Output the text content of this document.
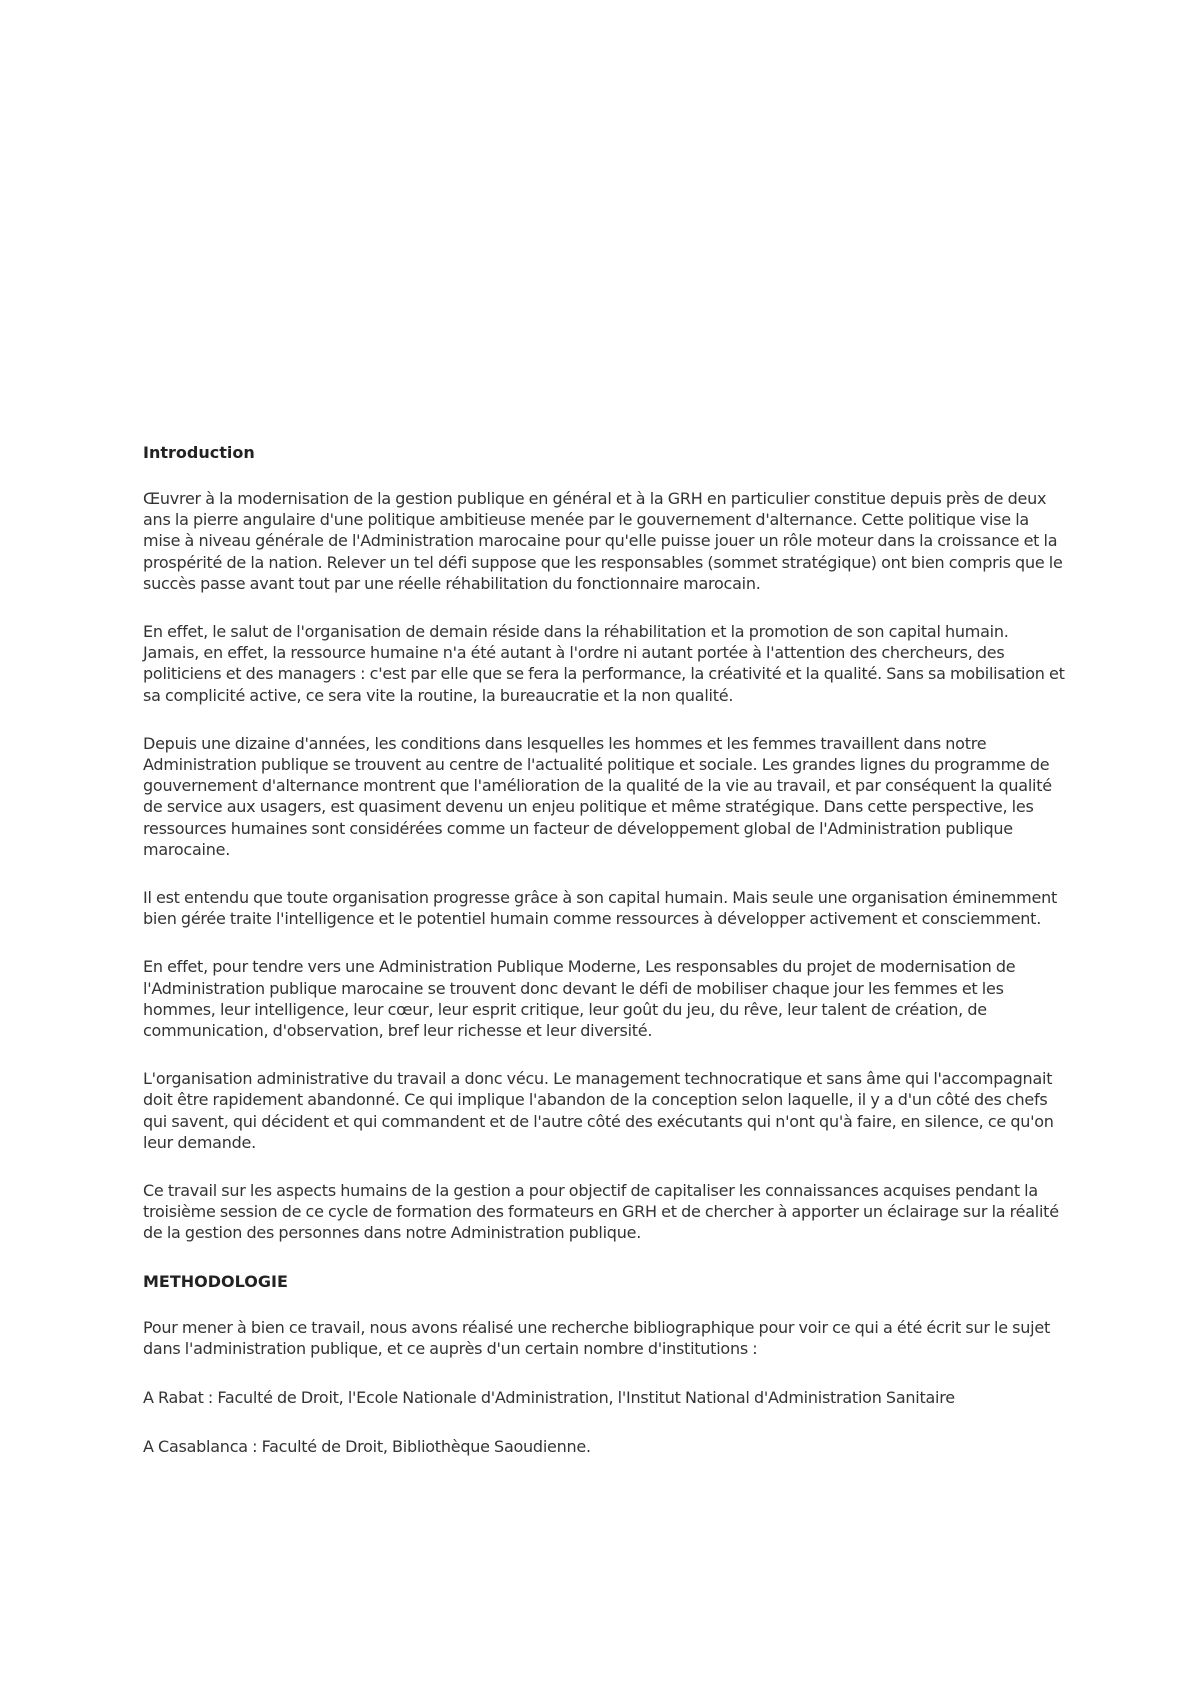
Introduction

Œuvrer à la modernisation de la gestion publique en général et à la GRH en particulier constitue depuis près de deux ans la pierre angulaire d'une politique ambitieuse menée par le gouvernement d'alternance. Cette politique vise la mise à niveau générale de l'Administration marocaine pour qu'elle puisse jouer un rôle moteur dans la croissance et la prospérité de la nation. Relever un tel défi suppose que les responsables (sommet stratégique) ont bien compris que le succès passe avant tout par une réelle réhabilitation du fonctionnaire marocain.

En effet, le salut de l'organisation de demain réside dans la réhabilitation et la promotion de son capital humain. Jamais, en effet, la ressource humaine n'a été autant à l'ordre ni autant portée à l'attention des chercheurs, des politiciens et des managers : c'est par elle que se fera la performance, la créativité et la qualité. Sans sa mobilisation et sa complicité active, ce sera vite la routine, la bureaucratie et la non qualité.

Depuis une dizaine d'années, les conditions dans lesquelles les hommes et les femmes travaillent dans notre Administration publique se trouvent au centre de l'actualité politique et sociale. Les grandes lignes du programme de gouvernement d'alternance montrent que l'amélioration de la qualité de la vie au travail, et par conséquent la qualité de service aux usagers, est quasiment devenu un enjeu politique et même stratégique. Dans cette perspective, les ressources humaines sont considérées comme un facteur de développement global de l'Administration publique marocaine.

Il est entendu que toute organisation progresse grâce à son capital humain. Mais seule une organisation éminemment bien gérée traite l'intelligence et le potentiel humain comme ressources à développer activement et consciemment.

En effet, pour tendre vers une Administration Publique Moderne, Les responsables du projet de modernisation de l'Administration publique marocaine se trouvent donc devant le défi de mobiliser chaque jour les femmes et les hommes, leur intelligence, leur cœur, leur esprit critique, leur goût du jeu, du rêve, leur talent de création, de communication, d'observation, bref leur richesse et leur diversité.

L'organisation administrative du travail a donc vécu. Le management technocratique et sans âme qui l'accompagnait doit être rapidement abandonné. Ce qui implique l'abandon de la conception selon laquelle, il y a d'un côté des chefs qui savent, qui décident et qui commandent et de l'autre côté des exécutants qui n'ont qu'à faire, en silence, ce qu'on leur demande.

Ce travail sur les aspects humains de la gestion a pour objectif de capitaliser les connaissances acquises pendant la troisième session de ce cycle de formation des formateurs en GRH et de chercher à apporter un éclairage sur la réalité de la gestion des personnes dans notre Administration publique.

METHODOLOGIE

Pour mener à bien ce travail, nous avons réalisé une recherche bibliographique pour voir ce qui a été écrit sur le sujet dans l'administration publique, et ce auprès d'un certain nombre d'institutions :

A Rabat : Faculté de Droit, l'Ecole Nationale d'Administration, l'Institut National d'Administration Sanitaire

A Casablanca : Faculté de Droit, Bibliothèque Saoudienne.
